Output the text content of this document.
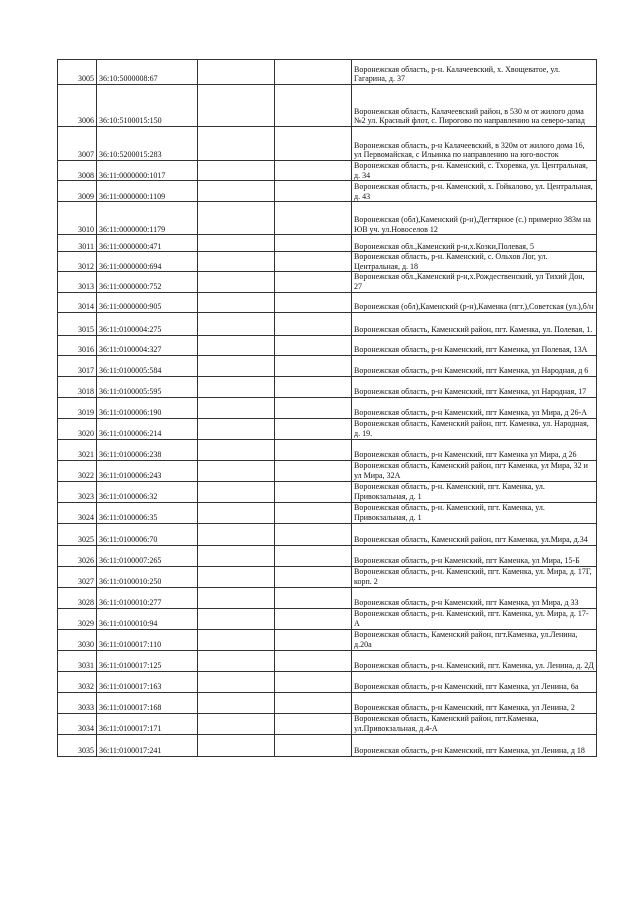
3005	36:10:5000008:67			Воронежская область, р-н. Калачеевский, х. Хвощеватое, ул. Гагарина, д. 37

3006	36:10:5100015:150			Воронежская область, Калачеевский район, в 530 м от жилого дома №2 ул. Красный флот, с. Пирогово по направлению на северо-запад

3007	36:10:5200015:283			Воронежская область, р-н Калачеевский, в 320м от жилого дома 16, ул Первомайская, с Ильинка по направлению на юго-восток

3008	36:11:0000000:1017			Воронежская область, р-н. Каменский, с. Тхоревка, ул. Центральная, д. 34

3009	36:11:0000000:1109			Воронежская область, р-н. Каменский, х. Гойкалово, ул. Центральная, д. 43

3010	36:11:0000000:1179			Воронежская (обл),Каменский (р-н),Дегтярное (с.) примерно 383м на ЮВ уч. ул.Новоселов 12

3011	36:11:0000000:471			Воронежская обл.,Каменский р-н,х.Козки,Полевая, 5

3012	36:11:0000000:694			Воронежская область, р-н. Каменский, с. Ольхов Лог, ул. Центральная, д. 18

3013	36:11:0000000:752			Воронежская обл.,Каменский р-н,х.Рождественский, ул Тихий Дон, 27

3014	36:11:0000000:905			Воронежская (обл),Каменский (р-н),Каменка (пгт.),Советская (ул.),б/н

3015	36:11:0100004:275			Воронежская область, Каменский район, пгт. Каменка, ул. Полевая, 1.

3016	36:11:0100004:327			Воронежская область, р-н Каменский, пгт Каменка, ул Полевая, 13А

3017	36:11:0100005:584			Воронежская область, р-н Каменский, пгт Каменка, ул Народная, д 6

3018	36:11:0100005:595			Воронежская область, р-н Каменский, пгт Каменка, ул Народная, 17

3019	36:11:0100006:190			Воронежская область, р-н Каменский, пгт Каменка, ул Мира, д 26-А

3020	36:11:0100006:214			Воронежская область, Каменский район, пгт. Каменка, ул. Народная, д. 19.

3021	36:11:0100006:238			Воронежская область, р-н Каменский, пгт Каменка ул Мира, д 26

3022	36:11:0100006:243			Воронежская область, Каменский район, пгт Каменка, ул Мира, 32 и ул Мира, 32А

3023	36:11:0100006:32			Воронежская область, р-н. Каменский, пгт. Каменка, ул. Привокзальная, д. 1

3024	36:11:0100006:35			Воронежская область, р-н. Каменский, пгт. Каменка, ул. Привокзальная, д. 1

3025	36:11:0100006:70			Воронежская область, Каменский район, пгт Каменка, ул.Мира, д.34

3026	36:11:0100007:265			Воронежская область, р-н Каменский, пгт Каменка, ул Мира, 15-Б

3027	36:11:0100010:250			Воронежская область, р-н. Каменский, пгт. Каменка, ул. Мира, д. 17Г, корп. 2

3028	36:11:0100010:277			Воронежская область, р-н Каменский, пгт Каменка, ул Мира, д 33

3029	36:11:0100010:94			Воронежская область, р-н. Каменский, пгт. Каменка, ул. Мира, д. 17-А

3030	36:11:0100017:110			Воронежская область, Каменский район, пгт.Каменка, ул.Ленина, д.20а

3031	36:11:0100017:125			Воронежская область, р-н. Каменский, пгт. Каменка, ул. Ленина, д. 2Д

3032	36:11:0100017:163			Воронежская область, р-н Каменский, пгт Каменка, ул Ленина, 6а

3033	36:11:0100017:168			Воронежская область, р-н Каменский, пгт Каменка, ул Ленина, 2

3034	36:11:0100017:171			Воронежская область, Каменский район, пгт.Каменка, ул.Привокзальная, д.4-А

3035	36:11:0100017:241			Воронежская область, р-н Каменский, пгт Каменка, ул Ленина, д 18
